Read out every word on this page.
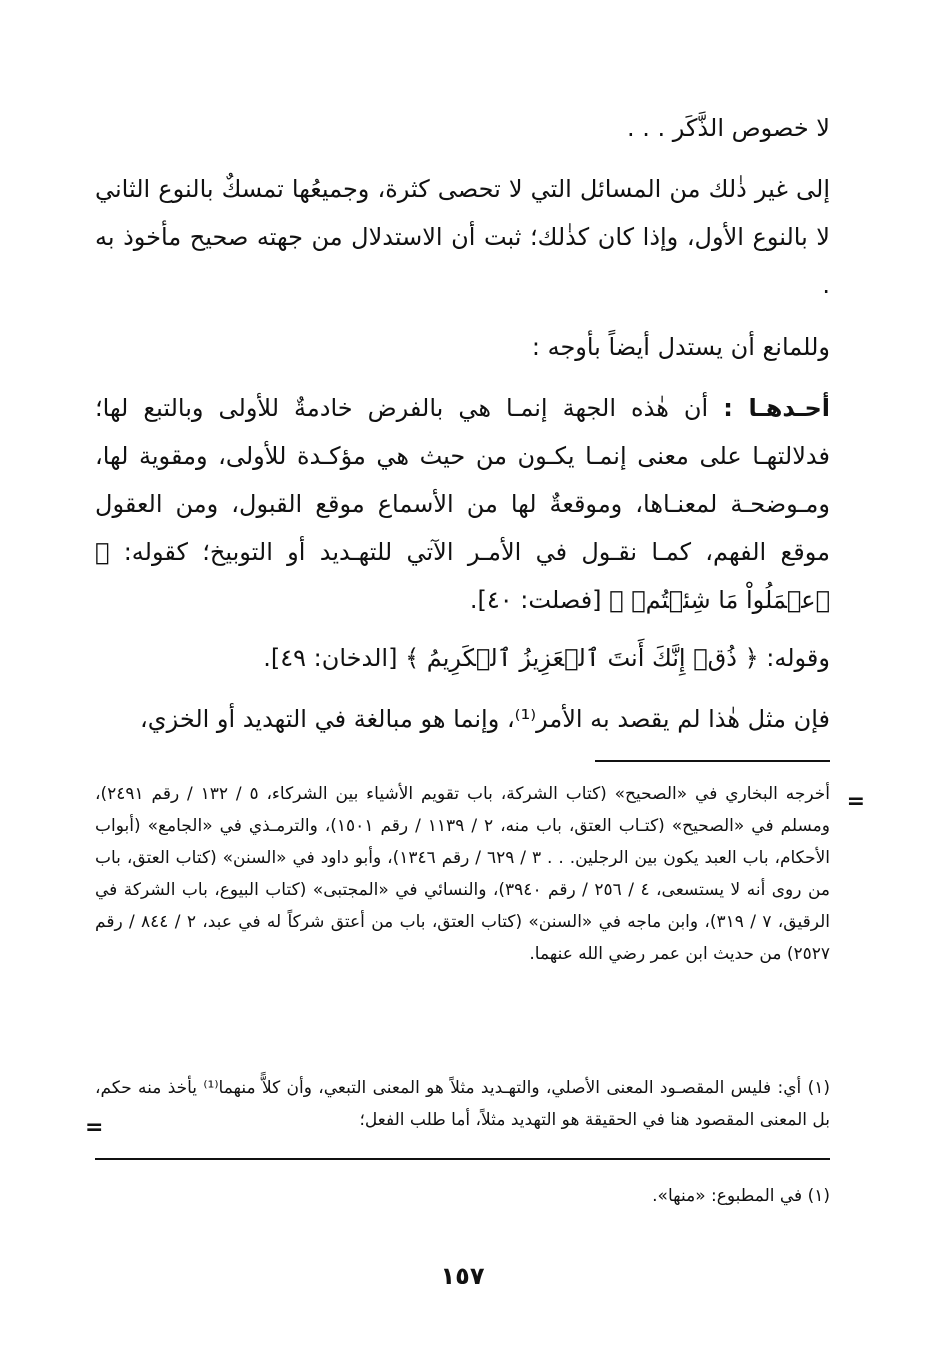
لا خصوص الذَّكَر . . .

إلى غير ذٰلك من المسائل التي لا تحصى كثرة، وجميعُها تمسكٌ بالنوع الثاني لا بالنوع الأول، وإذا كان كذٰلك؛ ثبت أن الاستدلال من جهته صحيح مأخوذ به .

وللمانع أن يستدل أيضاً بأوجه :

أحـدهـا : أن هٰذه الجهة إنمـا هي بالفرض خادمةٌ للأولى وبالتبع لها؛ فدلالتهـا على معنى إنمـا يكـون من حيث هي مؤكـدة للأولى، ومقوية لها، ومـوضحـة لمعنـاها، وموقعةٌ لها من الأسماع موقع القبول، ومن العقول موقع الفهم، كمـا نقـول في الأمـر الآتي للتهـديد أو التوبيخ؛ كقوله: ﴿ ٱعۡمَلُواْ مَا شِئۡتُمۡ ﴾ [فصلت: ٤٠].

وقوله: ﴿ ذُقۡ إِنَّكَ أَنتَ ٱلۡعَزِيزُ ٱلۡكَرِيمُ ﴾ [الدخان: ٤٩].

فإن مثل هٰذا لم يقصد به الأمر⁽¹⁾، وإنما هو مبالغة في التهديد أو الخزي،

=

أخرجه البخاري في «الصحيح» (كتاب الشركة، باب تقويم الأشياء بين الشركاء، ٥ / ١٣٢ / رقم ٢٤٩١)، ومسلم في «الصحيح» (كتـاب العتق، باب منه، ٢ / ١١٣٩ / رقم ١٥٠١)، والترمـذي في «الجامع» (أبواب الأحكام، باب العبد يكون بين الرجلين. . . ٣ / ٦٢٩ / رقم ١٣٤٦)، وأبو داود في «السنن» (كتاب العتق، باب من روى أنه لا يستسعى، ٤ / ٢٥٦ / رقم ٣٩٤٠)، والنسائي في «المجتبى» (كتاب البيوع، باب الشركة في الرقيق، ٧ / ٣١٩)، وابن ماجه في «السنن» (كتاب العتق، باب من أعتق شركاً له في عبد، ٢ / ٨٤٤ / رقم ٢٥٢٧) من حديث ابن عمر رضي الله عنهما.

(١) أي: فليس المقصـود المعنى الأصلي، والتهـديد مثلاً هو المعنى التبعي، وأن كلاًّ منهما⁽¹⁾ يأخذ منه حكم، بل المعنى المقصود هنا في الحقيقة هو التهديد مثلاً، أما طلب الفعل؛

=
(١) في المطبوع: «منها».
١٥٧
